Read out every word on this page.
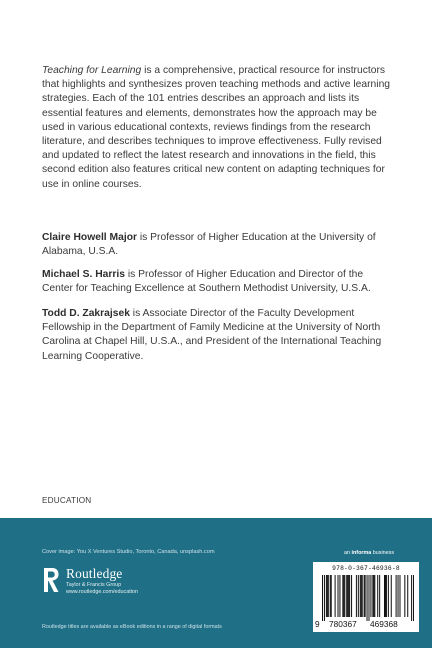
Teaching for Learning is a comprehensive, practical resource for instructors that highlights and synthesizes proven teaching methods and active learning strategies. Each of the 101 entries describes an approach and lists its essential features and elements, demonstrates how the approach may be used in various educational contexts, reviews findings from the research literature, and describes techniques to improve effectiveness. Fully revised and updated to reflect the latest research and innovations in the field, this second edition also features critical new content on adapting techniques for use in online courses.

Claire Howell Major is Professor of Higher Education at the University of Alabama, U.S.A.

Michael S. Harris is Professor of Higher Education and Director of the Center for Teaching Excellence at Southern Methodist University, U.S.A.

Todd D. Zakrajsek is Associate Director of the Faculty Development Fellowship in the Department of Family Medicine at the University of North Carolina at Chapel Hill, U.S.A., and President of the International Teaching Learning Cooperative.

EDUCATION
Cover image: You X Ventures Studio, Toronto, Canada, unsplash.com
Routledge
Taylor & Francis Group
www.routledge.com/education
Routledge titles are available as eBook editions in a range of digital formats
an informa business
978-0-367-46936-8
9 780367 469368
